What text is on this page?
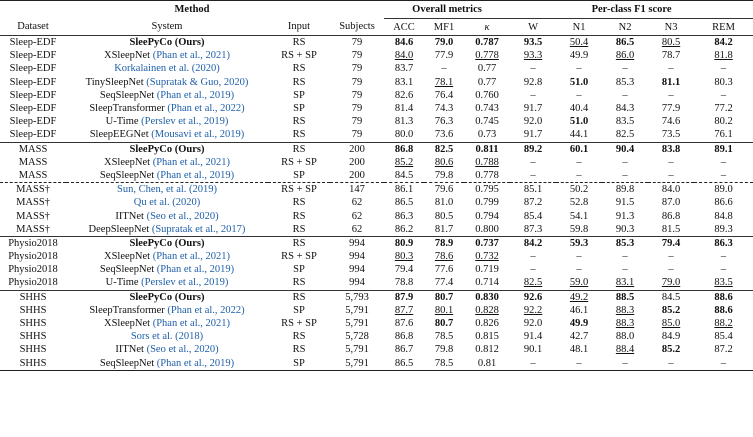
Method				Overall metrics			Per-class F1 score				
Dataset	System	Input	Subjects	ACC	MF1	κ	W	N1	N2	N3	REM
Sleep-EDF	SleePyCo (Ours)	RS	79	84.6	79.0	0.787	93.5	50.4	86.5	80.5	84.2
Sleep-EDF	XSleepNet (Phan et al., 2021)	RS + SP	79	84.0	77.9	0.778	93.3	49.9	86.0	78.7	81.8
Sleep-EDF	Korkalainen et al. (2020)	RS	79	83.7	–	0.77	–	–	–	–	–
Sleep-EDF	TinySleepNet (Supratak & Guo, 2020)	RS	79	83.1	78.1	0.77	92.8	51.0	85.3	81.1	80.3
Sleep-EDF	SeqSleepNet (Phan et al., 2019)	SP	79	82.6	76.4	0.760	–	–	–	–	–
Sleep-EDF	SleepTransformer (Phan et al., 2022)	SP	79	81.4	74.3	0.743	91.7	40.4	84.3	77.9	77.2
Sleep-EDF	U-Time (Perslev et al., 2019)	RS	79	81.3	76.3	0.745	92.0	51.0	83.5	74.6	80.2
Sleep-EDF	SleepEEGNet (Mousavi et al., 2019)	RS	79	80.0	73.6	0.73	91.7	44.1	82.5	73.5	76.1
MASS	SleePyCo (Ours)	RS	200	86.8	82.5	0.811	89.2	60.1	90.4	83.8	89.1
MASS	XSleepNet (Phan et al., 2021)	RS + SP	200	85.2	80.6	0.788	–	–	–	–	–
MASS	SeqSleepNet (Phan et al., 2019)	SP	200	84.5	79.8	0.778	–	–	–	–	–
MASS†	Sun, Chen, et al. (2019)	RS + SP	147	86.1	79.6	0.795	85.1	50.2	89.8	84.0	89.0
MASS†	Qu et al. (2020)	RS	62	86.5	81.0	0.799	87.2	52.8	91.5	87.0	86.6
MASS†	IITNet (Seo et al., 2020)	RS	62	86.3	80.5	0.794	85.4	54.1	91.3	86.8	84.8
MASS†	DeepSleepNet (Supratak et al., 2017)	RS	62	86.2	81.7	0.800	87.3	59.8	90.3	81.5	89.3
Physio2018	SleePyCo (Ours)	RS	994	80.9	78.9	0.737	84.2	59.3	85.3	79.4	86.3
Physio2018	XSleepNet (Phan et al., 2021)	RS + SP	994	80.3	78.6	0.732	–	–	–	–	–
Physio2018	SeqSleepNet (Phan et al., 2019)	SP	994	79.4	77.6	0.719	–	–	–	–	–
Physio2018	U-Time (Perslev et al., 2019)	RS	994	78.8	77.4	0.714	82.5	59.0	83.1	79.0	83.5
SHHS	SleePyCo (Ours)	RS	5,793	87.9	80.7	0.830	92.6	49.2	88.5	84.5	88.6
SHHS	SleepTransformer (Phan et al., 2022)	SP	5,791	87.7	80.1	0.828	92.2	46.1	88.3	85.2	88.6
SHHS	XSleepNet (Phan et al., 2021)	RS + SP	5,791	87.6	80.7	0.826	92.0	49.9	88.3	85.0	88.2
SHHS	Sors et al. (2018)	RS	5,728	86.8	78.5	0.815	91.4	42.7	88.0	84.9	85.4
SHHS	IITNet (Seo et al., 2020)	RS	5,791	86.7	79.8	0.812	90.1	48.1	88.4	85.2	87.2
SHHS	SeqSleepNet (Phan et al., 2019)	SP	5,791	86.5	78.5	0.81	–	–	–	–	–
